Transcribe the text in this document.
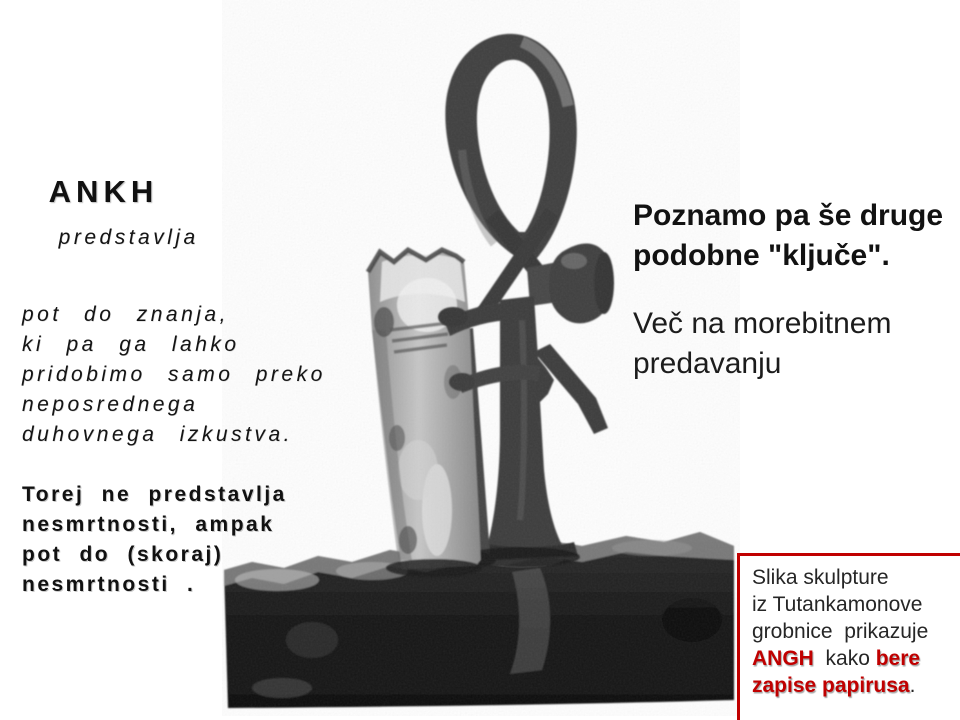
ANKH
predstavlja

pot do znanja,
ki pa ga lahko
pridobimo samo preko
neposrednega
duhovnega izkustva.
Torej ne predstavlja
nesmrtnosti, ampak
pot do (skoraj)
nesmrtnosti .
Poznamo pa še druge
podobne "ključe".
Več na morebitnem
predavanju
Slika skulpture
iz Tutankamonove
grobnice  prikazuje
ANGH  kako bere
zapise papirusa.
